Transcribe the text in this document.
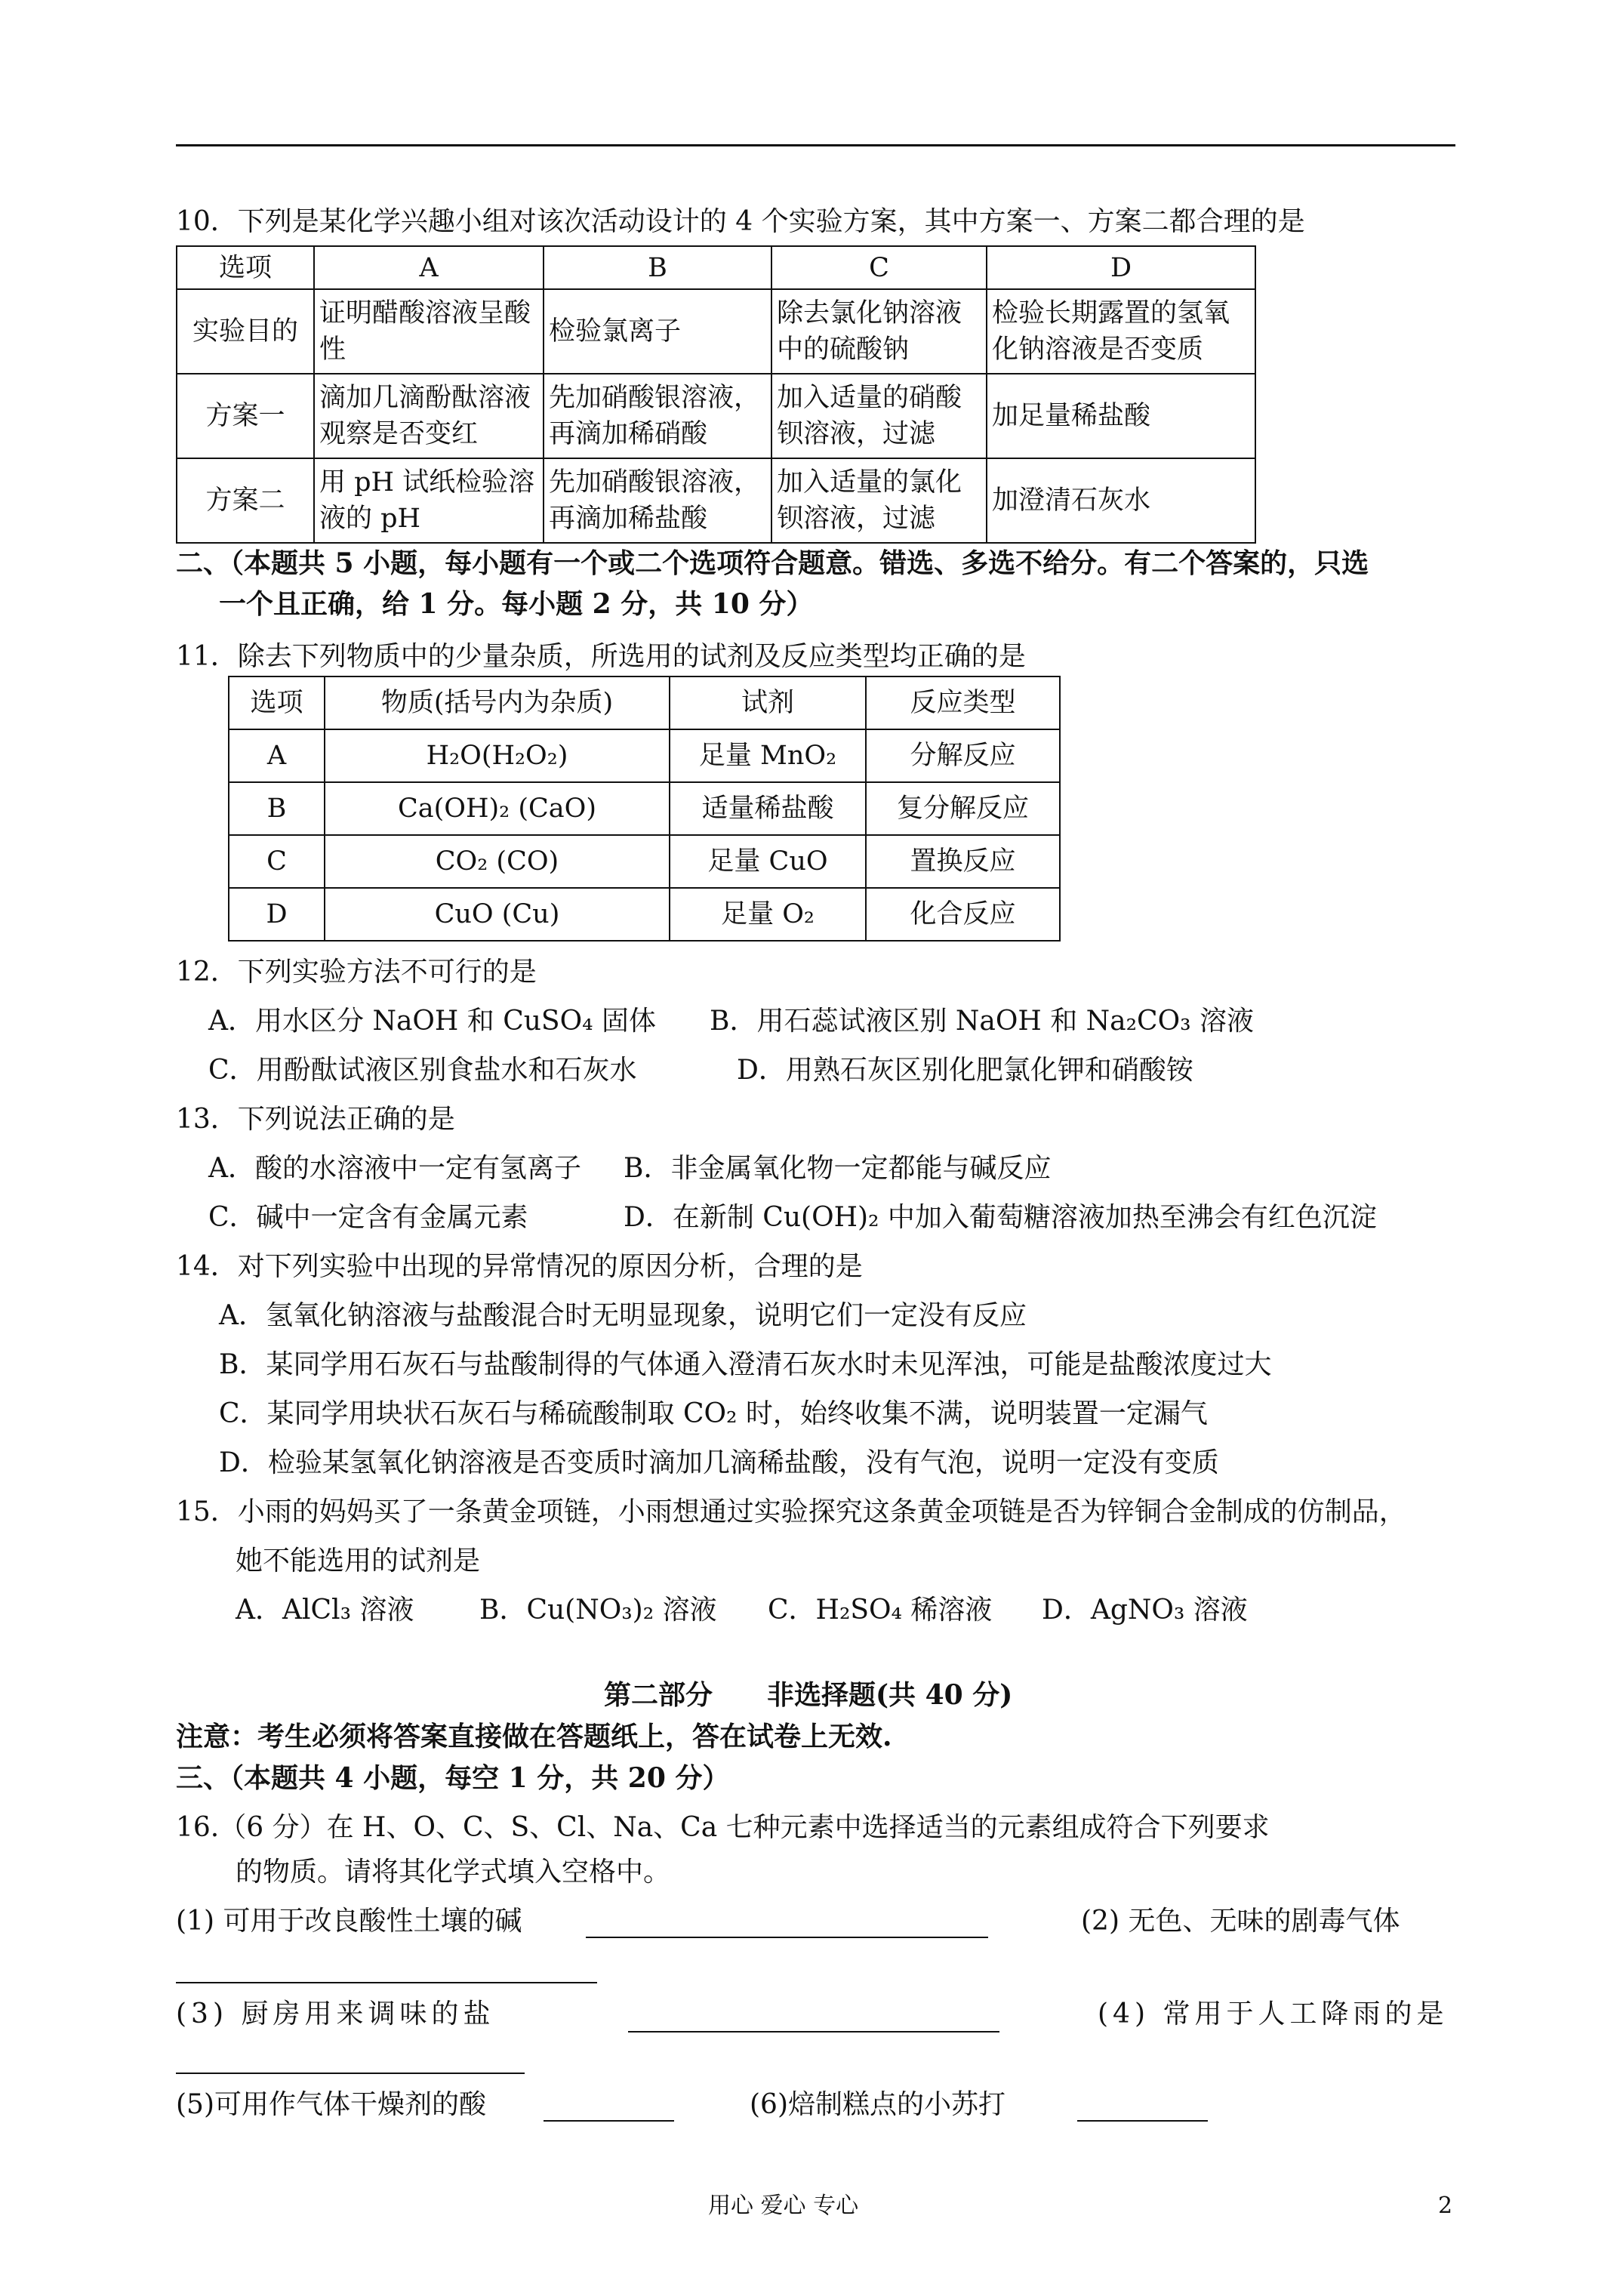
10．下列是某化学兴趣小组对该次活动设计的 4 个实验方案，其中方案一、方案二都合理的是
选项	A	B	C	D
实验目的	证明醋酸溶液呈酸性	检验氯离子	除去氯化钠溶液中的硫酸钠	检验长期露置的氢氧化钠溶液是否变质
方案一	滴加几滴酚酞溶液观察是否变红	先加硝酸银溶液，再滴加稀硝酸	加入适量的硝酸钡溶液，过滤	加足量稀盐酸
方案二	用 pH 试纸检验溶液的 pH	先加硝酸银溶液，再滴加稀盐酸	加入适量的氯化钡溶液，过滤	加澄清石灰水
二、（本题共 5 小题，每小题有一个或二个选项符合题意。错选、多选不给分。有二个答案的，只选
一个且正确，给 1 分。每小题 2 分，共 10 分）
11．除去下列物质中的少量杂质，所选用的试剂及反应类型均正确的是
选项	物质(括号内为杂质)	试剂	反应类型
A	H₂O(H₂O₂)	足量 MnO₂	分解反应
B	Ca(OH)₂ (CaO)	适量稀盐酸	复分解反应
C	CO₂ (CO)	足量 CuO	置换反应
D	CuO (Cu)	足量 O₂	化合反应
12．下列实验方法不可行的是
A．用水区分 NaOH 和 CuSO₄ 固体 B．用石蕊试液区别 NaOH 和 Na₂CO₃ 溶液
C．用酚酞试液区别食盐水和石灰水	D．用熟石灰区别化肥氯化钾和硝酸铵
13．下列说法正确的是
A．酸的水溶液中一定有氢离子 B．非金属氧化物一定都能与碱反应
C．碱中一定含有金属元素	D．在新制 Cu(OH)₂ 中加入葡萄糖溶液加热至沸会有红色沉淀
14．对下列实验中出现的异常情况的原因分析，合理的是
A．氢氧化钠溶液与盐酸混合时无明显现象，说明它们一定没有反应
B．某同学用石灰石与盐酸制得的气体通入澄清石灰水时未见浑浊，可能是盐酸浓度过大
C．某同学用块状石灰石与稀硫酸制取 CO₂ 时，始终收集不满，说明装置一定漏气
D．检验某氢氧化钠溶液是否变质时滴加几滴稀盐酸，没有气泡，说明一定没有变质
15．小雨的妈妈买了一条黄金项链，小雨想通过实验探究这条黄金项链是否为锌铜合金制成的仿制品，
她不能选用的试剂是
A．AlCl₃ 溶液 B．Cu(NO₃)₂ 溶液 C．H₂SO₄ 稀溶液 D．AgNO₃ 溶液
第二部分　　非选择题(共 40 分)
注意：考生必须将答案直接做在答题纸上，答在试卷上无效.
三、（本题共 4 小题，每空 1 分，共 20 分）
16.（6 分）在 H、O、C、S、Cl、Na、Ca 七种元素中选择适当的元素组成符合下列要求
的物质。请将其化学式填入空格中。
(1) 可用于改良酸性土壤的碱	(2) 无色、无味的剧毒气体
(3) 厨房用来调味的盐	(4) 常用于人工降雨的是
(5)可用作气体干燥剂的酸	(6)焙制糕点的小苏打
用心 爱心 专心	2
